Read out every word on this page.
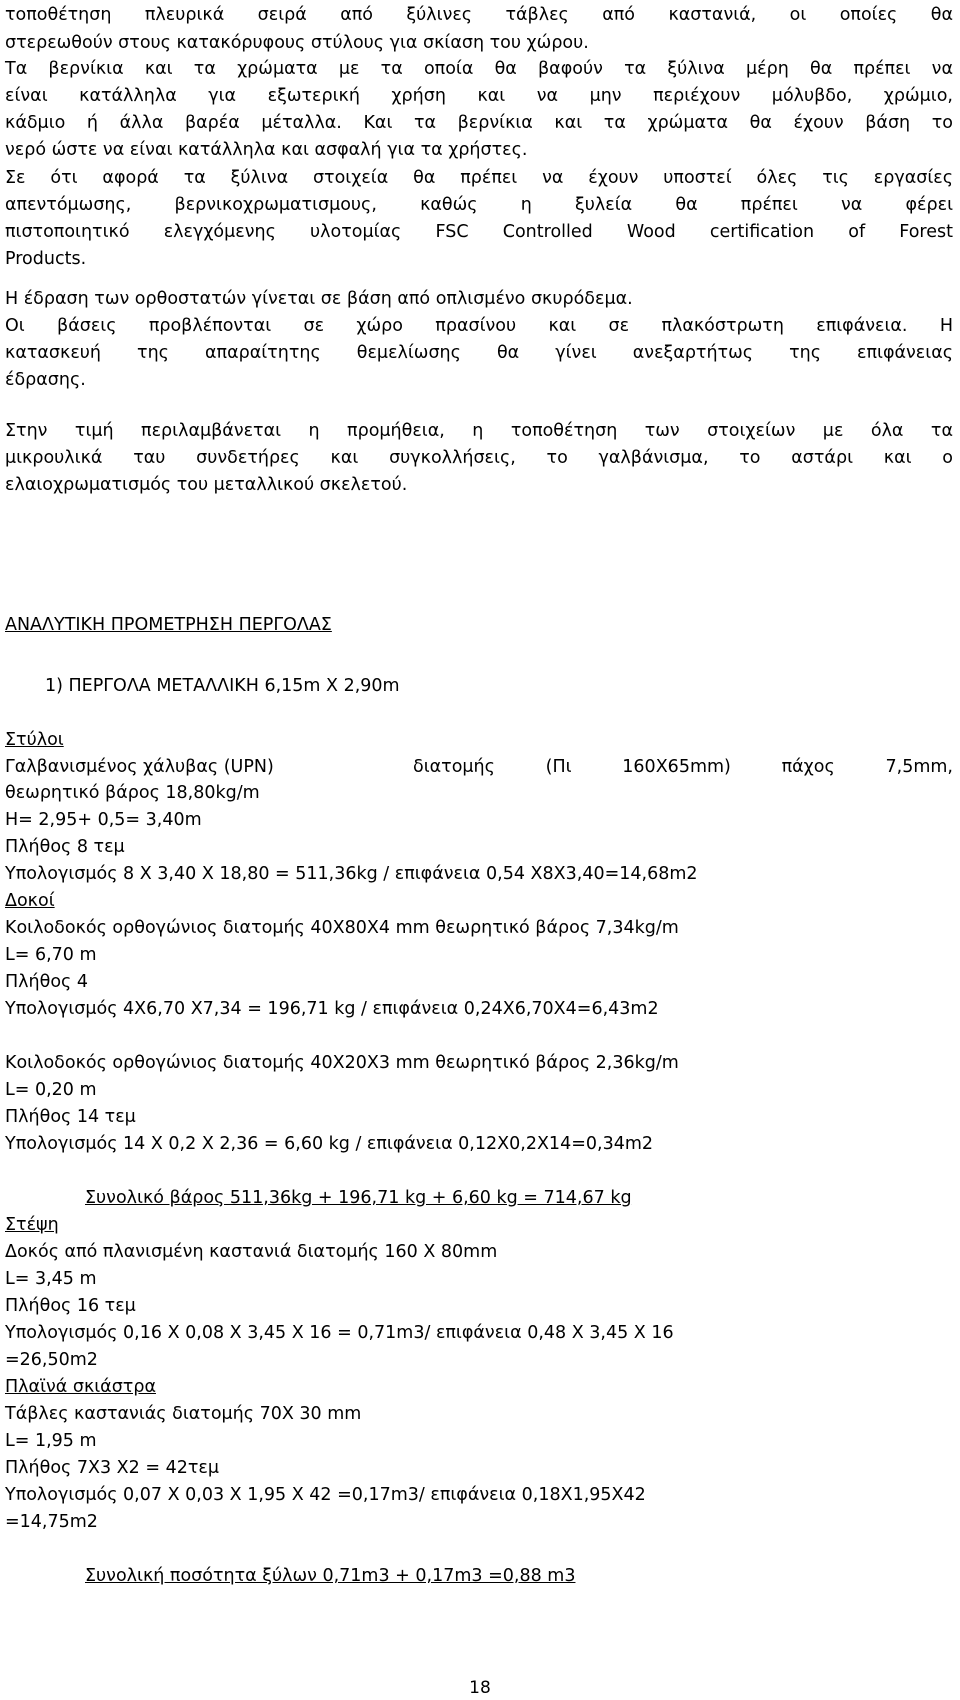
τοποθέτηση πλευρικά σειρά από ξύλινες τάβλες από καστανιά, οι οποίες θα

στερεωθούν στους κατακόρυφους στύλους για σκίαση του χώρου.

Τα βερνίκια και τα χρώματα με τα οποία θα βαφούν τα ξύλινα μέρη θα πρέπει να

είναι κατάλληλα για εξωτερική χρήση και να μην περιέχουν μόλυβδο, χρώμιο,

κάδμιο ή άλλα βαρέα μέταλλα. Και τα βερνίκια και τα χρώματα θα έχουν βάση το

νερό ώστε να είναι κατάλληλα και ασφαλή για τα χρήστες.

Σε ότι αφορά τα ξύλινα στοιχεία θα πρέπει να έχουν υποστεί όλες τις εργασίες

απεντόμωσης, βερνικοχρωματισμους, καθώς η ξυλεία θα πρέπει να φέρει

πιστοποιητικό ελεγχόμενης υλοτομίας FSC Controlled Wood certification of Forest

Products.

Η έδραση των ορθοστατών γίνεται σε βάση από οπλισμένο σκυρόδεμα.

Οι βάσεις προβλέπονται σε χώρο πρασίνου και σε πλακόστρωτη επιφάνεια. Η

κατασκευή της απαραίτητης θεμελίωσης θα γίνει ανεξαρτήτως της επιφάνειας

έδρασης.

Στην τιμή περιλαμβάνεται η προμήθεια, η τοποθέτηση των στοιχείων με όλα τα

μικρουλικά ταυ συνδετήρες και συγκολλήσεις, το γαλβάνισμα, το αστάρι και ο

ελαιοχρωματισμός του μεταλλικού σκελετού.

ΑΝΑΛΥΤΙΚΗ ΠΡΟΜΕΤΡΗΣΗ ΠΕΡΓΟΛΑΣ

1) ΠΕΡΓΟΛΑ ΜΕΤΑΛΛΙΚΗ 6,15m X 2,90m

Στύλοι

Γαλβανισμένος χάλυβας (UPN)	διατομής (Πι 160Χ65mm) πάχος 7,5mm,

θεωρητικό βάρος 18,80kg/m

Η= 2,95+ 0,5= 3,40m

Πλήθος 8 τεμ

Υπολογισμός 8 Χ 3,40 Χ 18,80 = 511,36kg / επιφάνεια 0,54 Χ8Χ3,40=14,68m2

Δοκοί

Κοιλοδοκός ορθογώνιος διατομής 40Χ80Χ4 mm θεωρητικό βάρος 7,34kg/m

L= 6,70 m

Πλήθος 4

Υπολογισμός 4Χ6,70 Χ7,34 = 196,71 kg / επιφάνεια 0,24Χ6,70Χ4=6,43m2

Κοιλοδοκός ορθογώνιος διατομής 40Χ20Χ3 mm θεωρητικό βάρος 2,36kg/m

L= 0,20 m

Πλήθος 14 τεμ

Υπολογισμός 14 Χ 0,2 Χ 2,36 = 6,60 kg / επιφάνεια 0,12Χ0,2Χ14=0,34m2

Συνολικό βάρος 511,36kg + 196,71 kg + 6,60 kg = 714,67 kg

Στέψη

Δοκός από πλανισμένη καστανιά διατομής 160 Χ 80mm

L= 3,45 m

Πλήθος 16 τεμ

Υπολογισμός 0,16 Χ 0,08 Χ 3,45 Χ 16 = 0,71m3/ επιφάνεια 0,48 Χ 3,45 Χ 16

=26,50m2

Πλαϊνά σκιάστρα

Τάβλες καστανιάς διατομής 70Χ 30 mm

L= 1,95 m

Πλήθος 7Χ3 Χ2 = 42τεμ

Υπολογισμός 0,07 Χ 0,03 Χ 1,95 Χ 42 =0,17m3/ επιφάνεια 0,18Χ1,95Χ42

=14,75m2

Συνολική ποσότητα ξύλων 0,71m3 + 0,17m3 =0,88 m3

18
